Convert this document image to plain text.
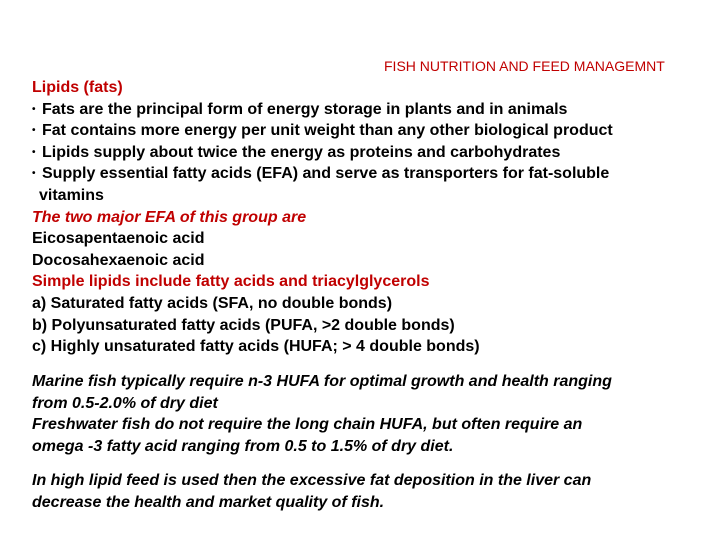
FISH NUTRITION AND FEED MANAGEMNT
Lipids (fats)
• Fats are the principal form of energy storage in plants and in animals
• Fat contains more energy per unit weight than any other biological product
• Lipids supply about twice the energy as proteins and carbohydrates
• Supply essential fatty acids (EFA) and serve as transporters for fat-soluble
vitamins
The two major EFA of this group are
Eicosapentaenoic acid
Docosahexaenoic acid
Simple lipids include fatty acids and triacylglycerols
a) Saturated fatty acids (SFA, no double bonds)
b) Polyunsaturated fatty acids (PUFA, >2 double bonds)
c) Highly unsaturated fatty acids (HUFA; > 4 double bonds)
Marine fish typically require n-3 HUFA for optimal growth and health ranging
from 0.5-2.0% of dry diet
Freshwater fish do not require the long chain HUFA, but often require an
omega -3 fatty acid ranging from 0.5 to 1.5% of dry diet.
In high lipid feed is used then the excessive fat deposition in the liver can
decrease the health and market quality of fish.
